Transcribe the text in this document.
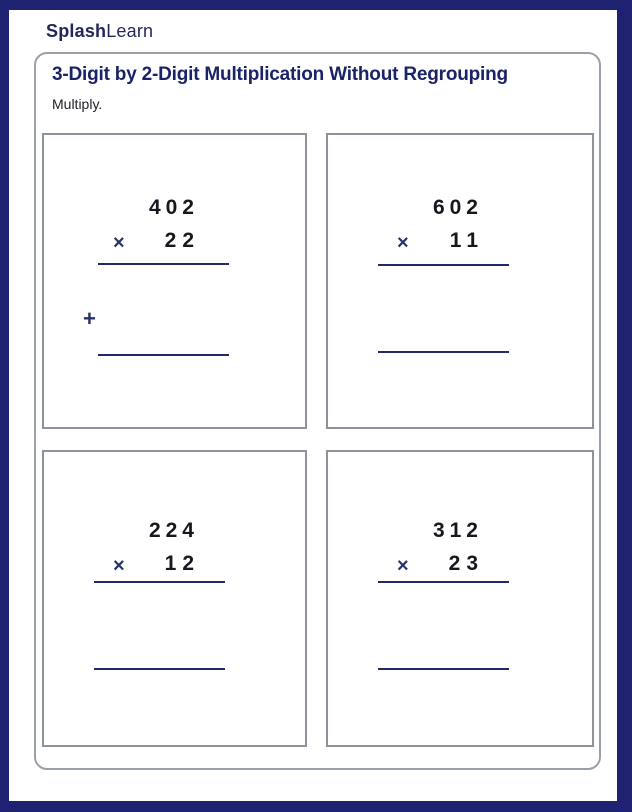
SplashLearn
3-Digit by 2-Digit Multiplication Without Regrouping
Multiply.
402
× 22
+
602
× 11
224
× 12
312
× 23
